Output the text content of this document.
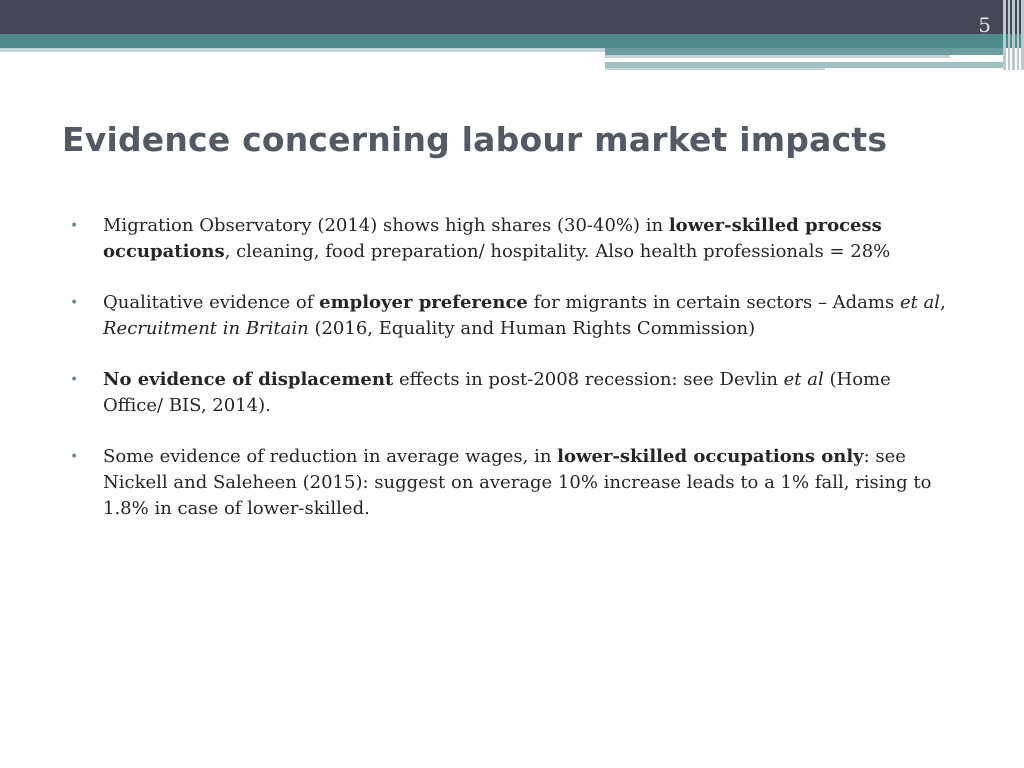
5
Evidence concerning labour market impacts
•	Migration Observatory (2014) shows high shares (30-40%) in lower-skilled process occupations, cleaning, food preparation/ hospitality. Also health professionals = 28%
•	Qualitative evidence of employer preference for migrants in certain sectors – Adams et al, Recruitment in Britain (2016, Equality and Human Rights Commission)
•	No evidence of displacement effects in post-2008 recession: see Devlin et al (Home Office/ BIS, 2014).
•	Some evidence of reduction in average wages, in lower-skilled occupations only: see Nickell and Saleheen (2015): suggest on average 10% increase leads to a 1% fall, rising to 1.8% in case of lower-skilled.
